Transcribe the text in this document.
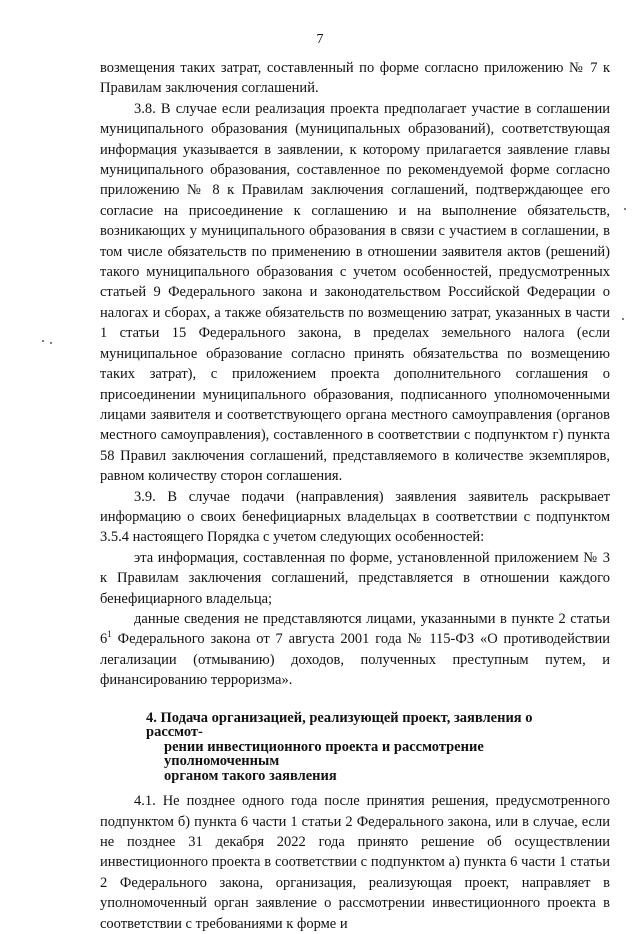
7

возмещения таких затрат, составленный по форме согласно приложению № 7 к Правилам заключения соглашений.

3.8. В случае если реализация проекта предполагает участие в соглашении муниципального образования (муниципальных образований), соответствующая информация указывается в заявлении, к которому прилагается заявление главы муниципального образования, составленное по рекомендуемой форме согласно приложению № 8 к Правилам заключения соглашений, подтверждающее его согласие на присоединение к соглашению и на выполнение обязательств, возникающих у муниципального образования в связи с участием в соглашении, в том числе обязательств по применению в отношении заявителя актов (решений) такого муниципального образования с учетом особенностей, предусмотренных статьей 9 Федерального закона и законодательством Российской Федерации о налогах и сборах, а также обязательств по возмещению затрат, указанных в части 1 статьи 15 Федерального закона, в пределах земельного налога (если муниципальное образование согласно принять обязательства по возмещению таких затрат), с приложением проекта дополнительного соглашения о присоединении муниципального образования, подписанного уполномоченными лицами заявителя и соответствующего органа местного самоуправления (органов местного самоуправления), составленного в соответствии с подпунктом г) пункта 58 Правил заключения соглашений, представляемого в количестве экземпляров, равном количеству сторон соглашения.

3.9. В случае подачи (направления) заявления заявитель раскрывает информацию о своих бенефициарных владельцах в соответствии с подпунктом 3.5.4 настоящего Порядка с учетом следующих особенностей:

эта информация, составленная по форме, установленной приложением № 3 к Правилам заключения соглашений, представляется в отношении каждого бенефициарного владельца;

данные сведения не представляются лицами, указанными в пункте 2 статьи $6^1$ Федерального закона от 7 августа 2001 года № 115-ФЗ «О противодействии легализации (отмыванию) доходов, полученных преступным путем, и финансированию терроризма».

4. Подача организацией, реализующей проект, заявления о рассмот-
рении инвестиционного проекта и рассмотрение уполномоченным
органом такого заявления

4.1. Не позднее одного года после принятия решения, предусмотренного подпунктом б) пункта 6 части 1 статьи 2 Федерального закона, или в случае, если не позднее 31 декабря 2022 года принято решение об осуществлении инвестиционного проекта в соответствии с подпунктом а) пункта 6 части 1 статьи 2 Федерального закона, организация, реализующая проект, направляет в уполномоченный орган заявление о рассмотрении инвестиционного проекта в соответствии с требованиями к форме и
